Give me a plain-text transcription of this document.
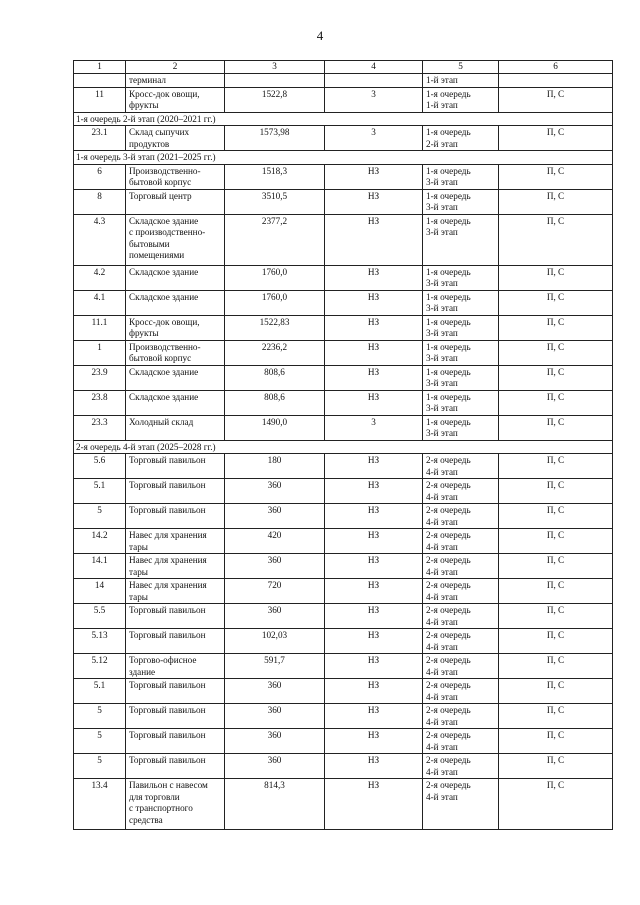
4
1	2	3	4	5	6
	терминал			1-й этап	
11	Кросс-док овощи,
фрукты	1522,8	3	1-я очередь
1-й этап	П, С
1-я очередь 2-й этап (2020–2021 гг.)					
23.1	Склад сыпучих
продуктов	1573,98	3	1-я очередь
2-й этап	П, С
1-я очередь 3-й этап (2021–2025 гг.)					
6	Производственно-
бытовой корпус	1518,3	НЗ	1-я очередь
3-й этап	П, С
8	Торговый центр	3510,5	НЗ	1-я очередь
3-й этап	П, С
4.3	Складское здание
с производственно-
бытовыми
помещениями	2377,2	НЗ	1-я очередь
3-й этап	П, С
4.2	Складское здание	1760,0	НЗ	1-я очередь
3-й этап	П, С
4.1	Складское здание	1760,0	НЗ	1-я очередь
3-й этап	П, С
11.1	Кросс-док овощи,
фрукты	1522,83	НЗ	1-я очередь
3-й этап	П, С
1	Производственно-
бытовой корпус	2236,2	НЗ	1-я очередь
3-й этап	П, С
23.9	Складское здание	808,6	НЗ	1-я очередь
3-й этап	П, С
23.8	Складское здание	808,6	НЗ	1-я очередь
3-й этап	П, С
23.3	Холодный склад	1490,0	3	1-я очередь
3-й этап	П, С
2-я очередь 4-й этап (2025–2028 гг.)					
5.6	Торговый павильон	180	НЗ	2-я очередь
4-й этап	П, С
5.1	Торговый павильон	360	НЗ	2-я очередь
4-й этап	П, С
5	Торговый павильон	360	НЗ	2-я очередь
4-й этап	П, С
14.2	Навес для хранения
тары	420	НЗ	2-я очередь
4-й этап	П, С
14.1	Навес для хранения
тары	360	НЗ	2-я очередь
4-й этап	П, С
14	Навес для хранения
тары	720	НЗ	2-я очередь
4-й этап	П, С
5.5	Торговый павильон	360	НЗ	2-я очередь
4-й этап	П, С
5.13	Торговый павильон	102,03	НЗ	2-я очередь
4-й этап	П, С
5.12	Торгово-офисное
здание	591,7	НЗ	2-я очередь
4-й этап	П, С
5.1	Торговый павильон	360	НЗ	2-я очередь
4-й этап	П, С
5	Торговый павильон	360	НЗ	2-я очередь
4-й этап	П, С
5	Торговый павильон	360	НЗ	2-я очередь
4-й этап	П, С
5	Торговый павильон	360	НЗ	2-я очередь
4-й этап	П, С
13.4	Павильон с навесом
для торговли
с транспортного
средства	814,3	НЗ	2-я очередь
4-й этап	П, С
